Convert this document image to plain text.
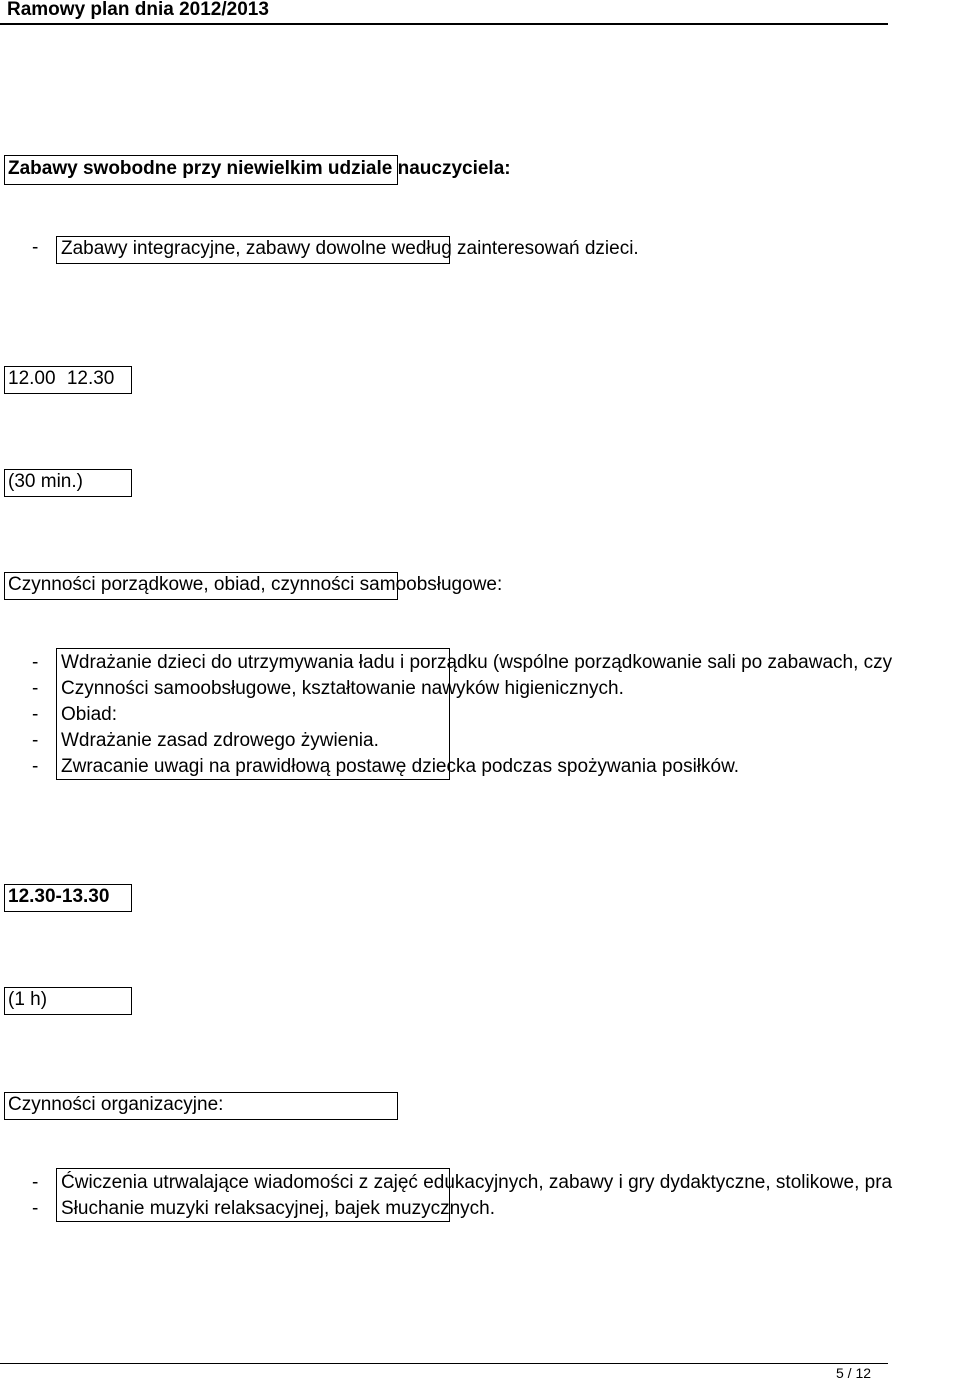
Ramowy plan dnia 2012/2013
Zabawy swobodne przy niewielkim udziale nauczyciela:
- Zabawy integracyjne, zabawy dowolne według zainteresowań dzieci.
12.00 12.30
(30 min.)
Czynności porządkowe, obiad, czynności samoobsługowe:
- Wdrażanie dzieci do utrzymywania ładu i porządku (wspólne porządkowanie sali po zabawach, czy
- Czynności samoobsługowe, kształtowanie nawyków higienicznych.
- Obiad:
- Wdrażanie zasad zdrowego żywienia.
- Zwracanie uwagi na prawidłową postawę dziecka podczas spożywania posiłków.
12.30-13.30
(1 h)
Czynności organizacyjne:
- Ćwiczenia utrwalające wiadomości z zajęć edukacyjnych, zabawy i gry dydaktyczne, stolikowe, pra
- Słuchanie muzyki relaksacyjnej, bajek muzycznych.
5 / 12
